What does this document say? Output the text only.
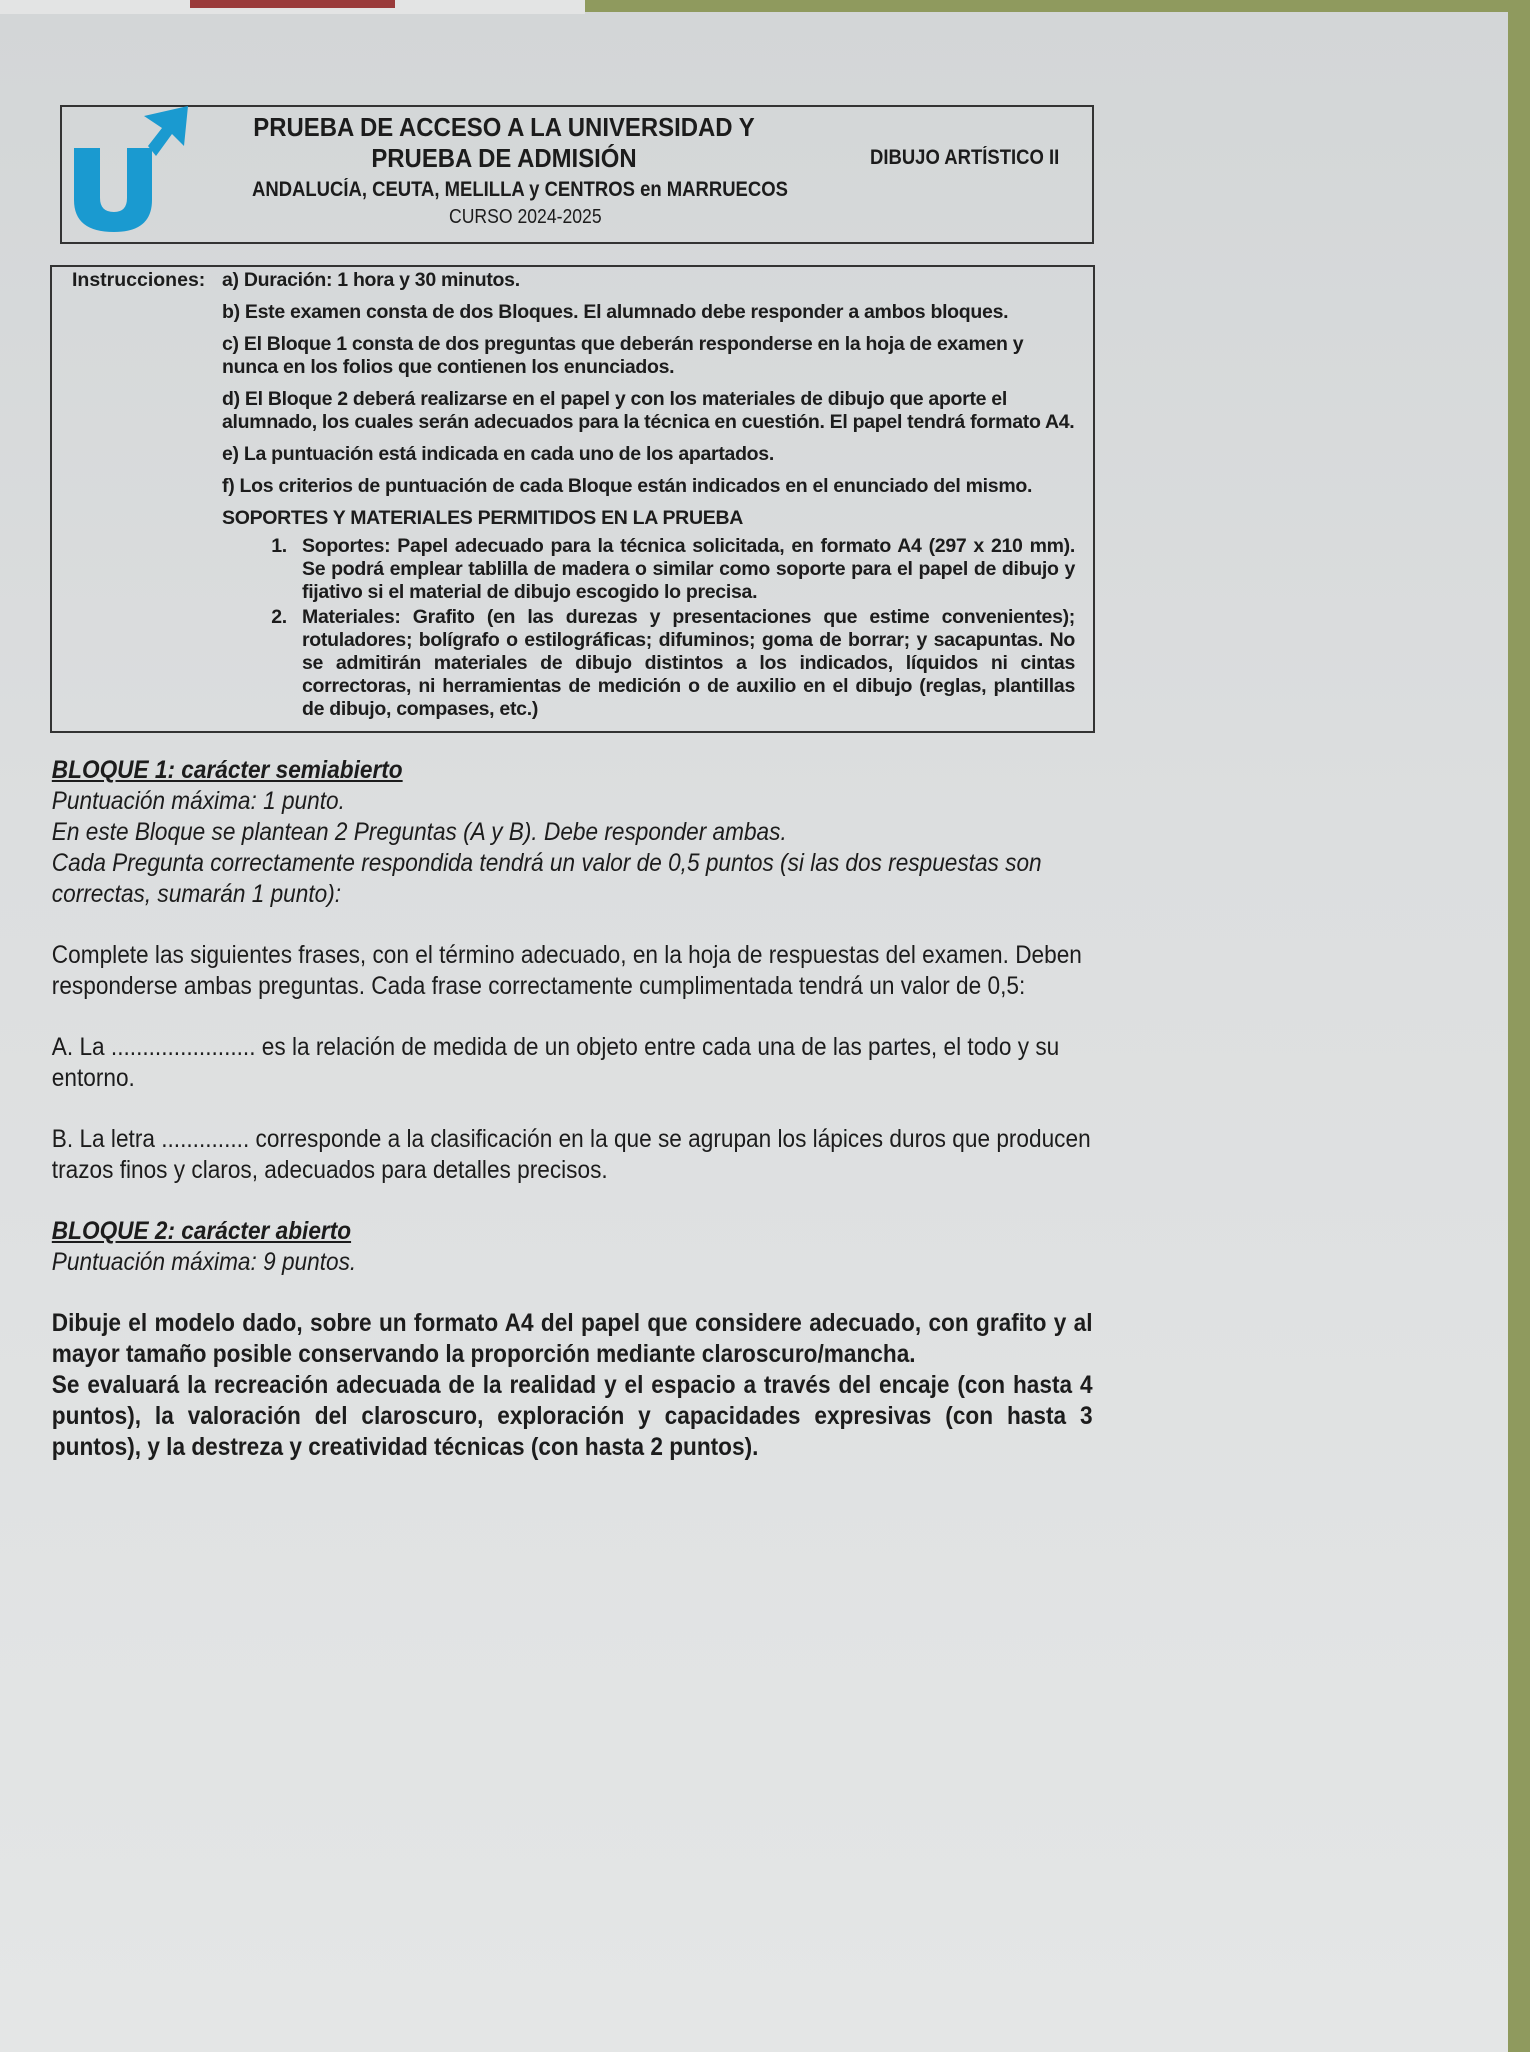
PRUEBA DE ACCESO A LA UNIVERSIDAD Y PRUEBA DE ADMISIÓN	DIBUJO ARTÍSTICO II
ANDALUCÍA, CEUTA, MELILLA y CENTROS en MARRUECOS
CURSO 2024-2025
Instrucciones: a) Duración: 1 hora y 30 minutos.

b) Este examen consta de dos Bloques. El alumnado debe responder a ambos bloques.

c) El Bloque 1 consta de dos preguntas que deberán responderse en la hoja de examen y nunca en los folios que contienen los enunciados.

d) El Bloque 2 deberá realizarse en el papel y con los materiales de dibujo que aporte el alumnado, los cuales serán adecuados para la técnica en cuestión. El papel tendrá formato A4.

e) La puntuación está indicada en cada uno de los apartados.

f) Los criterios de puntuación de cada Bloque están indicados en el enunciado del mismo.

SOPORTES Y MATERIALES PERMITIDOS EN LA PRUEBA

1. Soportes: Papel adecuado para la técnica solicitada, en formato A4 (297 x 210 mm). Se podrá emplear tablilla de madera o similar como soporte para el papel de dibujo y fijativo si el material de dibujo escogido lo precisa.
2. Materiales: Grafito (en las durezas y presentaciones que estime convenientes); rotuladores; bolígrafo o estilográficas; difuminos; goma de borrar; y sacapuntas. No se admitirán materiales de dibujo distintos a los indicados, líquidos ni cintas correctoras, ni herramientas de medición o de auxilio en el dibujo (reglas, plantillas de dibujo, compases, etc.)

BLOQUE 1: carácter semiabierto

Puntuación máxima: 1 punto.

En este Bloque se plantean 2 Preguntas (A y B). Debe responder ambas.

Cada Pregunta correctamente respondida tendrá un valor de 0,5 puntos (si las dos respuestas son correctas, sumarán 1 punto):

Complete las siguientes frases, con el término adecuado, en la hoja de respuestas del examen. Deben responderse ambas preguntas. Cada frase correctamente cumplimentada tendrá un valor de 0,5:

A. La ....................... es la relación de medida de un objeto entre cada una de las partes, el todo y su entorno.

B. La letra .............. corresponde a la clasificación en la que se agrupan los lápices duros que producen trazos finos y claros, adecuados para detalles precisos.

BLOQUE 2: carácter abierto

Puntuación máxima: 9 puntos.

Dibuje el modelo dado, sobre un formato A4 del papel que considere adecuado, con grafito y al mayor tamaño posible conservando la proporción mediante claroscuro/mancha.

Se evaluará la recreación adecuada de la realidad y el espacio a través del encaje (con hasta 4 puntos), la valoración del claroscuro, exploración y capacidades expresivas (con hasta 3 puntos), y la destreza y creatividad técnicas (con hasta 2 puntos).
